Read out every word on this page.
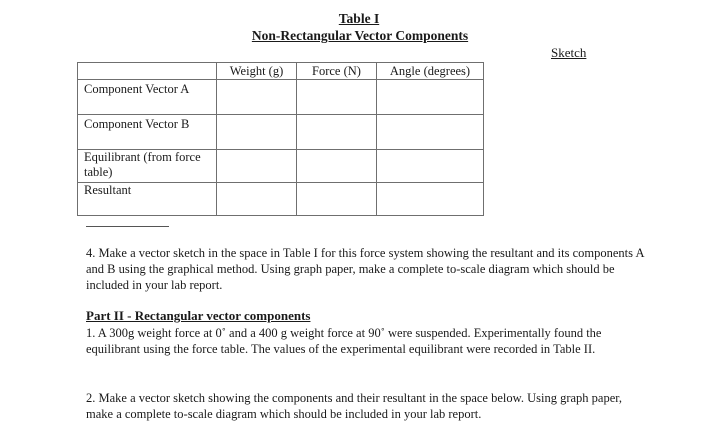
Table I
Non-Rectangular Vector Components
Sketch
	Weight (g)	Force (N)	Angle (degrees)
Component Vector A			
Component Vector B			
Equilibrant (from force table)			
Resultant			
4. Make a vector sketch in the space in Table I for this force system showing the resultant and its components A and B using the graphical method. Using graph paper, make a complete to-scale diagram which should be included in your lab report.
Part II - Rectangular vector components
1. A 300g weight force at 0˚ and a 400 g weight force at 90˚ were suspended. Experimentally found the equilibrant using the force table. The values of the experimental equilibrant were recorded in Table II.
2. Make a vector sketch showing the components and their resultant in the space below. Using graph paper, make a complete to-scale diagram which should be included in your lab report.
